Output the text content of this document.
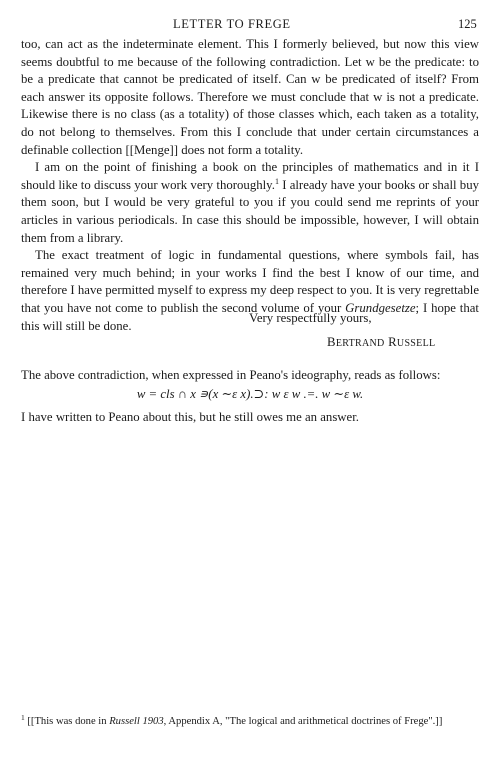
LETTER TO FREGE	125

too, can act as the indeterminate element. This I formerly believed, but now this view seems doubtful to me because of the following contradiction. Let w be the predicate: to be a predicate that cannot be predicated of itself. Can w be predicated of itself? From each answer its opposite follows. Therefore we must conclude that w is not a predicate. Likewise there is no class (as a totality) of those classes which, each taken as a totality, do not belong to themselves. From this I conclude that under certain circumstances a definable collection [[Menge]] does not form a totality.

I am on the point of finishing a book on the principles of mathematics and in it I should like to discuss your work very thoroughly.$^1$ I already have your books or shall buy them soon, but I would be very grateful to you if you could send me reprints of your articles in various periodicals. In case this should be impossible, however, I will obtain them from a library.

The exact treatment of logic in fundamental questions, where symbols fail, has remained very much behind; in your works I find the best I know of our time, and therefore I have permitted myself to express my deep respect to you. It is very regrettable that you have not come to publish the second volume of your Grundgesetze; I hope that this will still be done.

Very respectfully yours,
BERTRAND RUSSELL
The above contradiction, when expressed in Peano's ideography, reads as follows:
w = cls ∩ x ∍(x ∼ε x).⊃: w ε w .=. w ∼ε w.
I have written to Peano about this, but he still owes me an answer.
$^1$ [[This was done in Russell 1903, Appendix A, "The logical and arithmetical doctrines of Frege".]]
